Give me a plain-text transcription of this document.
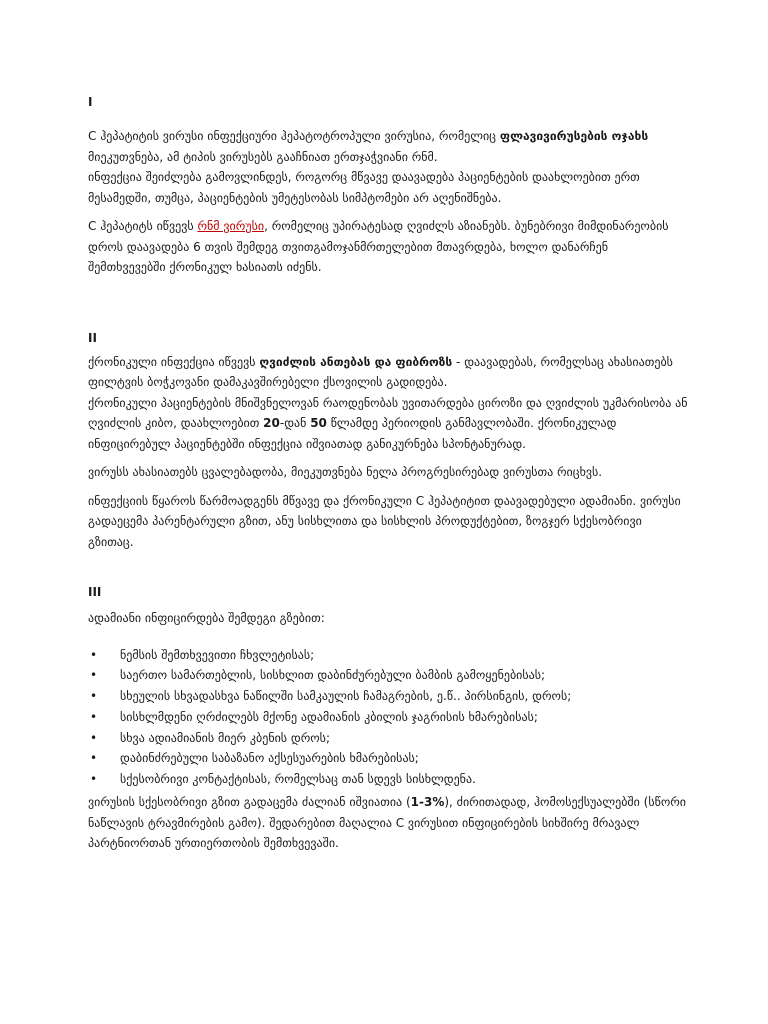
I

C ჰეპატიტის ვირუსი ინფექციური ჰეპატოტროპული ვირუსია, რომელიც ფლავივირუსების ოჯახს მიეკუთვნება, ამ ტიპის ვირუსებს გააჩნიათ ერთჯაჭვიანი რნმ.
ინფექცია შეიძლება გამოვლინდეს, როგორც მწვავე დაავადება პაციენტების დაახლოებით ერთ მესამედში, თუმცა, პაციენტების უმეტესობას სიმპტომები არ აღენიშნება.

C ჰეპატიტს იწვევს რნმ ვირუსი, რომელიც უპირატესად ღვიძლს აზიანებს. ბუნებრივი მიმდინარეობის დროს დაავადება 6 თვის შემდეგ თვითგამოჯანმრთელებით მთავრდება, ხოლო დანარჩენ შემთხვევებში ქრონიკულ ხასიათს იძენს.

II

ქრონიკული ინფექცია იწვევს ღვიძლის ანთებას და ფიბროზს - დაავადებას, რომელსაც ახასიათებს ფილტვის ბოჭკოვანი დამაკავშირებელი ქსოვილის გადიდება.
ქრონიკული პაციენტების მნიშვნელოვან რაოდენობას უვითარდება ციროზი და ღვიძლის უკმარისობა ან ღვიძლის კიბო, დაახლოებით 20-დან 50 წლამდე პერიოდის განმავლობაში. ქრონიკულად ინფიცირებულ პაციენტებში ინფექცია იშვიათად განიკურნება სპონტანურად.

ვირუსს ახასიათებს ცვალებადობა, მიეკუთვნება ნელა პროგრესირებად ვირუსთა რიცხვს.

ინფექციის წყაროს წარმოადგენს მწვავე და ქრონიკული C ჰეპატიტით დაავადებული ადამიანი. ვირუსი გადაეცემა პარენტარული გზით, ანუ სისხლითა და სისხლის პროდუქტებით, ზოგჯერ სქესობრივი გზითაც.

III

ადამიანი ინფიცირდება შემდეგი გზებით:

• ნემსის შემთხვევითი ჩხვლეტისას;
• საერთო სამართებლის, სისხლით დაბინძურებული ბამბის გამოყენებისას;
• სხეულის სხვადასხვა ნაწილში სამკაულის ჩამაგრების, ე.წ.. პირსინგის, დროს;
• სისხლმდენი ღრძილებს მქონე ადამიანის კბილის ჯაგრისის ხმარებისას;
• სხვა ადიამიანის მიერ კბენის დროს;
• დაბინძრებული საბაზანო აქსესუარების ხმარებისას;
• სქესობრივი კონტაქტისას, რომელსაც თან სდევს სისხლდენა.

ვირუსის სქესობრივი გზით გადაცემა ძალიან იშვიათია (1-3%), ძირითადად, ჰომოსექსუალებში (სწორი ნაწლავის ტრავმირების გამო). შედარებით მაღალია C ვირუსით ინფიცირების სიხშირე მრავალ პარტნიორთან ურთიერთობის შემთხვევაში.
